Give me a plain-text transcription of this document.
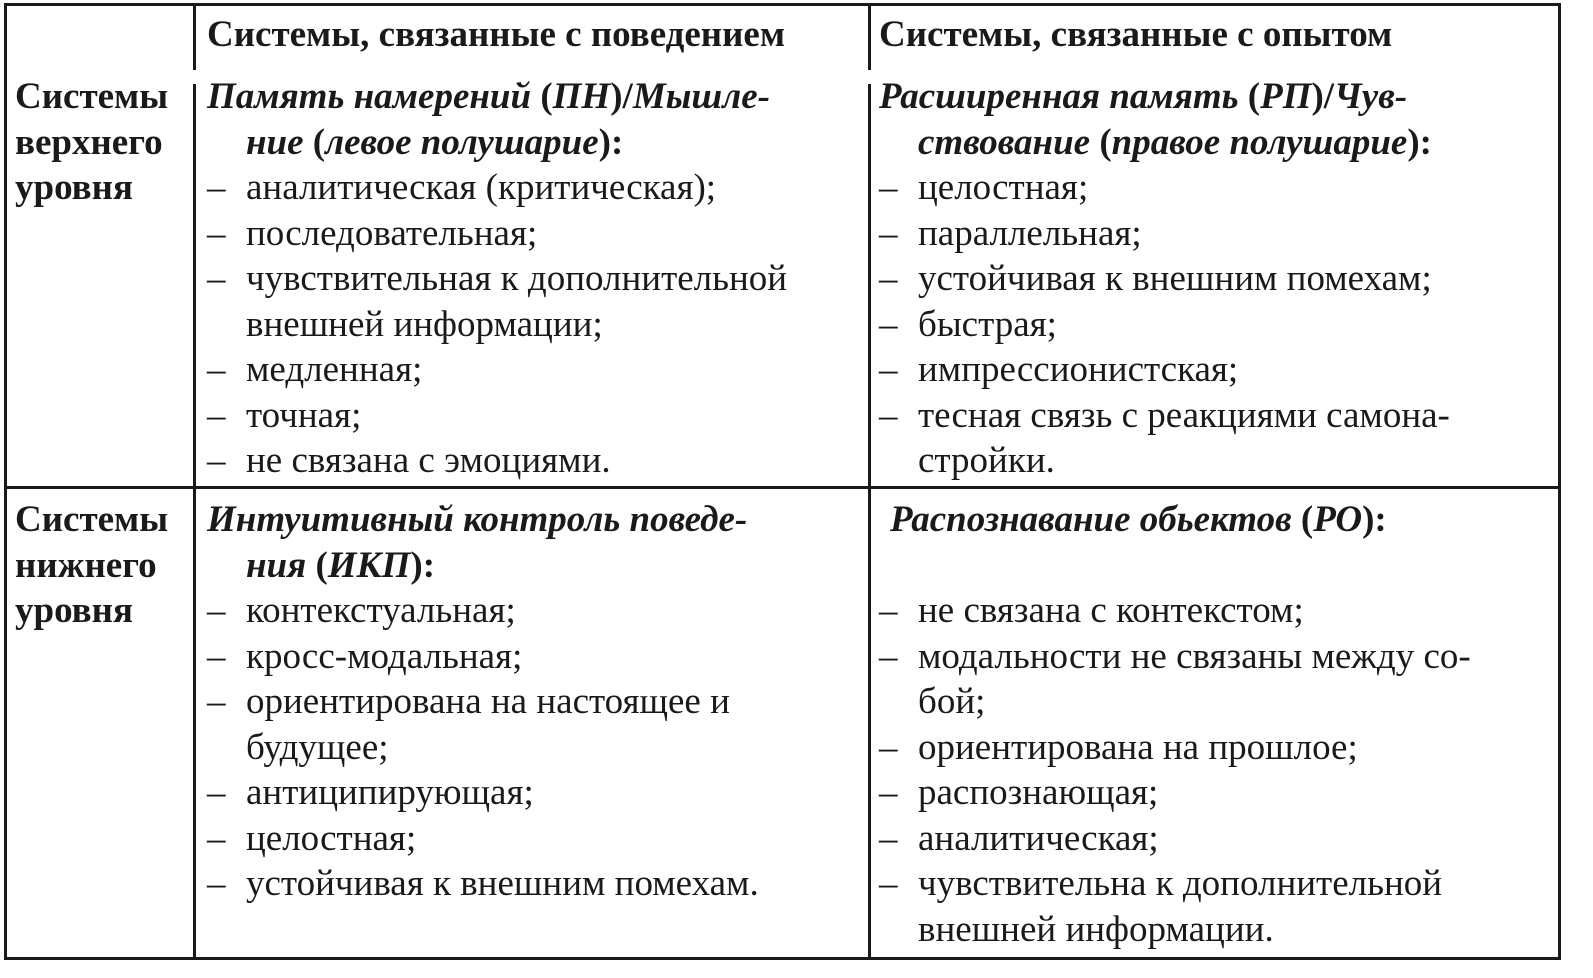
Системы, связанные с поведением	Системы, связанные с опытом
Системы
верхнего
уровня
Память намерений (ПН)/Мышле-
ние (левое полушарие):
– аналитическая (критическая);
– последовательная;
– чувствительная к дополнительной
внешней информации;
– медленная;
– точная;
– не связана с эмоциями.
Расширенная память (РП)/Чув-
ствование (правое полушарие):
– целостная;
– параллельная;
– устойчивая к внешним помехам;
– быстрая;
– импрессионистская;
– тесная связь с реакциями самона-
стройки.
Системы
нижнего
уровня
Интуитивный контроль поведе-
ния (ИКП):
– контекстуальная;
– кросс-модальная;
– ориентирована на настоящее и
будущее;
– антиципирующая;
– целостная;
– устойчивая к внешним помехам.
Распознавание обьектов (РО):
– не связана с контекстом;
– модальности не связаны между со-
бой;
– ориентирована на прошлое;
– распознающая;
– аналитическая;
– чувствительна к дополнительной
внешней информации.
